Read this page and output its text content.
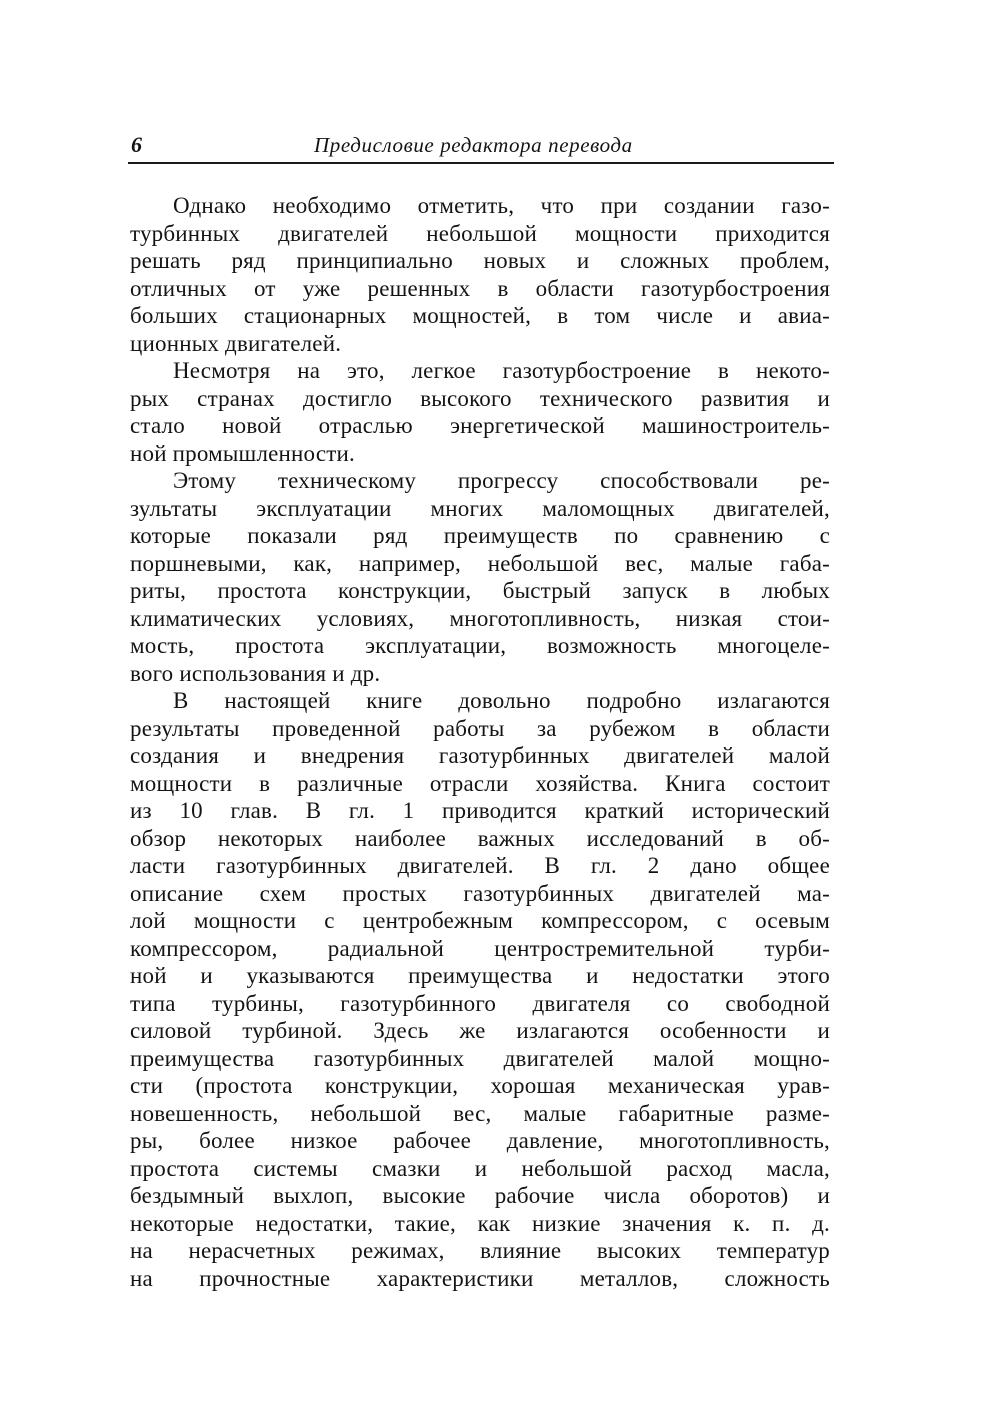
6	Предисловие редактора перевода
Однако необходимо отметить, что при создании газо-
турбинных двигателей небольшой мощности приходится
решать ряд принципиально новых и сложных проблем,
отличных от уже решенных в области газотурбостроения
больших стационарных мощностей, в том числе и авиа-
ционных двигателей.
Несмотря на это, легкое газотурбостроение в некото-
рых странах достигло высокого технического развития и
стало новой отраслью энергетической машиностроитель-
ной промышленности.
Этому техническому прогрессу способствовали ре-
зультаты эксплуатации многих маломощных двигателей,
которые показали ряд преимуществ по сравнению с
поршневыми, как, например, небольшой вес, малые габа-
риты, простота конструкции, быстрый запуск в любых
климатических условиях, многотопливность, низкая стои-
мость, простота эксплуатации, возможность многоцеле-
вого использования и др.
В настоящей книге довольно подробно излагаются
результаты проведенной работы за рубежом в области
создания и внедрения газотурбинных двигателей малой
мощности в различные отрасли хозяйства. Книга состоит
из 10 глав. В гл. 1 приводится краткий исторический
обзор некоторых наиболее важных исследований в об-
ласти газотурбинных двигателей. В гл. 2 дано общее
описание схем простых газотурбинных двигателей ма-
лой мощности с центробежным компрессором, с осевым
компрессором, радиальной центростремительной турби-
ной и указываются преимущества и недостатки этого
типа турбины, газотурбинного двигателя со свободной
силовой турбиной. Здесь же излагаются особенности и
преимущества газотурбинных двигателей малой мощно-
сти (простота конструкции, хорошая механическая урав-
новешенность, небольшой вес, малые габаритные разме-
ры, более низкое рабочее давление, многотопливность,
простота системы смазки и небольшой расход масла,
бездымный выхлоп, высокие рабочие числа оборотов) и
некоторые недостатки, такие, как низкие значения к. п. д.
на нерасчетных режимах, влияние высоких температур
на прочностные характеристики металлов, сложность
